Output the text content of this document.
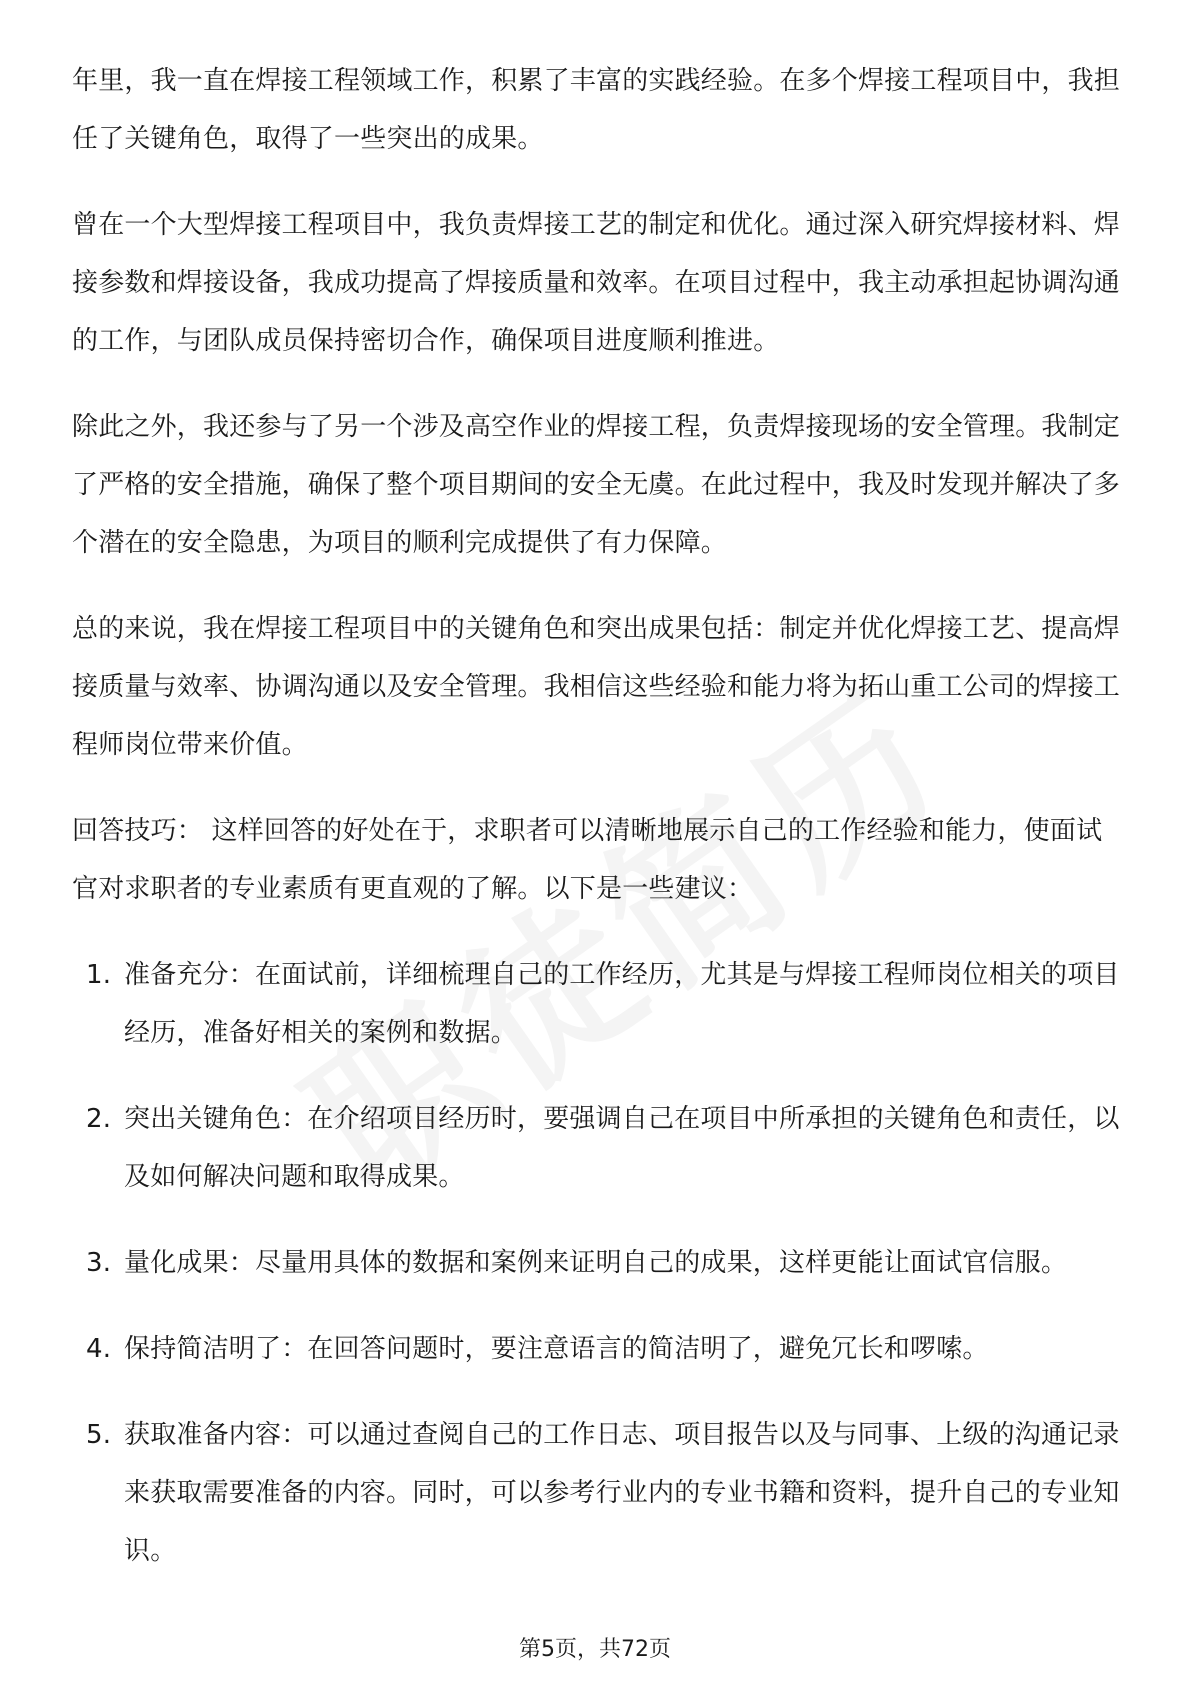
年里，我一直在焊接工程领域工作，积累了丰富的实践经验。在多个焊接工程项目中，我担任了关键角色，取得了一些突出的成果。

曾在一个大型焊接工程项目中，我负责焊接工艺的制定和优化。通过深入研究焊接材料、焊接参数和焊接设备，我成功提高了焊接质量和效率。在项目过程中，我主动承担起协调沟通的工作，与团队成员保持密切合作，确保项目进度顺利推进。

除此之外，我还参与了另一个涉及高空作业的焊接工程，负责焊接现场的安全管理。我制定了严格的安全措施，确保了整个项目期间的安全无虞。在此过程中，我及时发现并解决了多个潜在的安全隐患，为项目的顺利完成提供了有力保障。

总的来说，我在焊接工程项目中的关键角色和突出成果包括：制定并优化焊接工艺、提高焊接质量与效率、协调沟通以及安全管理。我相信这些经验和能力将为拓山重工公司的焊接工程师岗位带来价值。

回答技巧： 这样回答的好处在于，求职者可以清晰地展示自己的工作经验和能力，使面试官对求职者的专业素质有更直观的了解。以下是一些建议：

1. 准备充分：在面试前，详细梳理自己的工作经历，尤其是与焊接工程师岗位相关的项目经历，准备好相关的案例和数据。
2. 突出关键角色：在介绍项目经历时，要强调自己在项目中所承担的关键角色和责任，以及如何解决问题和取得成果。
3. 量化成果：尽量用具体的数据和案例来证明自己的成果，这样更能让面试官信服。
4. 保持简洁明了：在回答问题时，要注意语言的简洁明了，避免冗长和啰嗦。
5. 获取准备内容：可以通过查阅自己的工作日志、项目报告以及与同事、上级的沟通记录来获取需要准备的内容。同时，可以参考行业内的专业书籍和资料，提升自己的专业知识。
第5页，共72页
